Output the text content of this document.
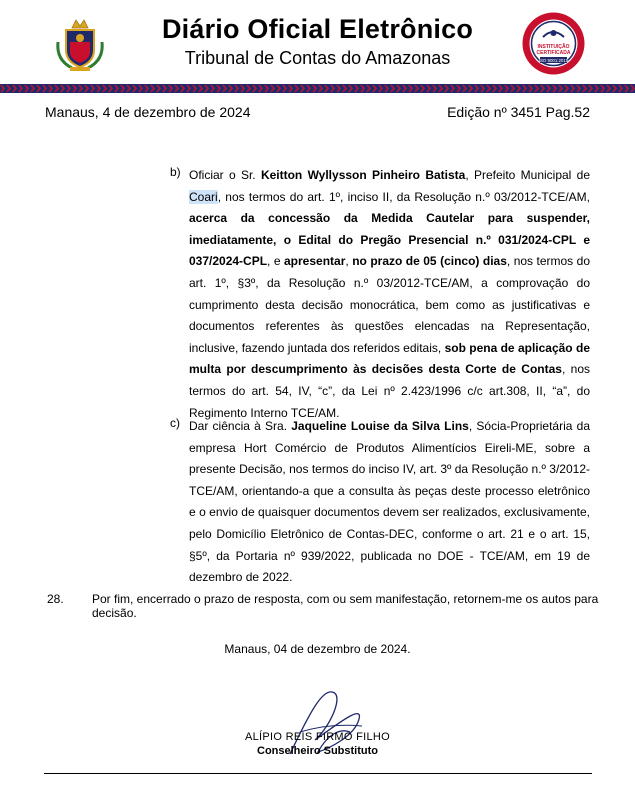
Diário Oficial Eletrônico
Tribunal de Contas do Amazonas
INSTITUIÇÃO
CERTIFICADA
ISO 9001:2015
Manaus, 4 de dezembro de 2024	Edição nº 3451 Pag.52
b) Oficiar o Sr. Keitton Wyllysson Pinheiro Batista, Prefeito Municipal de Coari, nos termos do art. 1º, inciso II, da Resolução n.º 03/2012-TCE/AM, acerca da concessão da Medida Cautelar para suspender, imediatamente, o Edital do Pregão Presencial n.º 031/2024-CPL e 037/2024-CPL, e apresentar, no prazo de 05 (cinco) dias, nos termos do art. 1º, §3º, da Resolução n.º 03/2012-TCE/AM, a comprovação do cumprimento desta decisão monocrática, bem como as justificativas e documentos referentes às questões elencadas na Representação, inclusive, fazendo juntada dos referidos editais, sob pena de aplicação de multa por descumprimento às decisões desta Corte de Contas, nos termos do art. 54, IV, “c”, da Lei nº 2.423/1996 c/c art.308, II, “a”, do Regimento Interno TCE/AM.
c) Dar ciência à Sra. Jaqueline Louise da Silva Lins, Sócia-Proprietária da empresa Hort Comércio de Produtos Alimentícios Eireli-ME, sobre a presente Decisão, nos termos do inciso IV, art. 3º da Resolução n.º 3/2012-TCE/AM, orientando-a que a consulta às peças deste processo eletrônico e o envio de quaisquer documentos devem ser realizados, exclusivamente, pelo Domicílio Eletrônico de Contas-DEC, conforme o art. 21 e o art. 15, §5º, da Portaria nº 939/2022, publicada no DOE - TCE/AM, em 19 de dezembro de 2022.
28. Por fim, encerrado o prazo de resposta, com ou sem manifestação, retornem-me os autos para decisão.
Manaus, 04 de dezembro de 2024.
ALÍPIO REIS FIRMO FILHO
Conselheiro Substituto
